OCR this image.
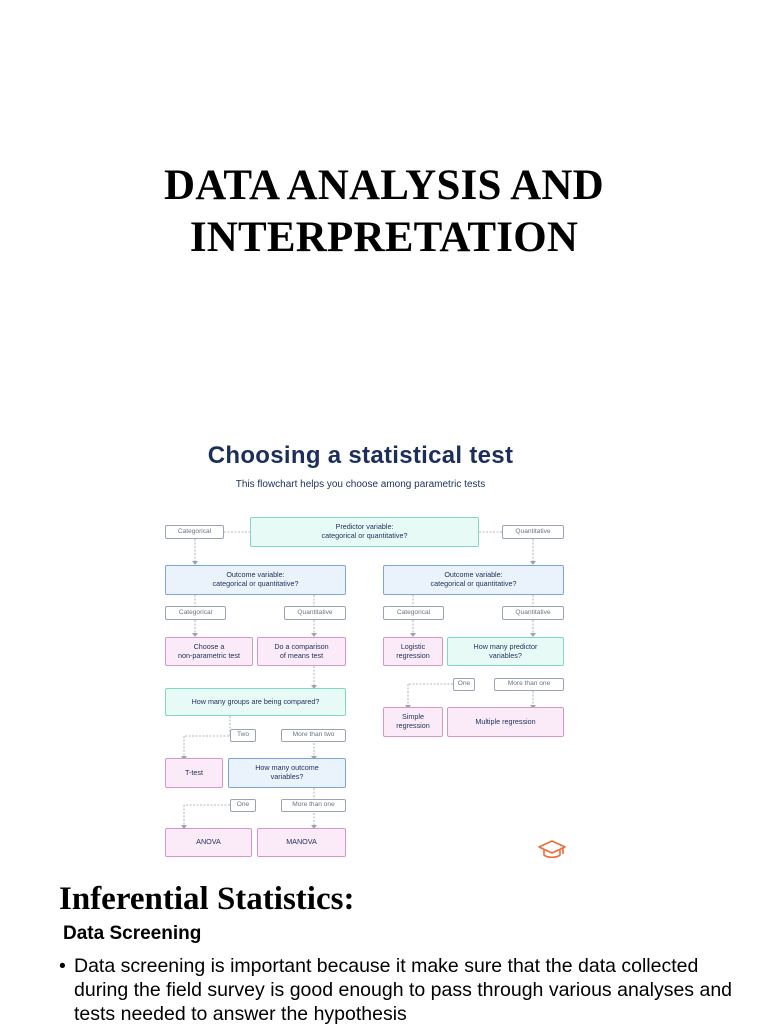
DATA ANALYSIS AND
INTERPRETATION
Choosing a statistical test
This flowchart helps you choose among parametric tests
Categorical	Predictor variable:
categorical or quantitative?	Quantitative
Outcome variable:
categorical or quantitative?
Outcome variable:
categorical or quantitative?
Categorical	Quantitative	Categorical	Quantitative
Choose a
non-parametric test
Do a comparison
of means test
Logistic
regression
How many predictor
variables?
One	More than one
How many groups are being compared?
Simple
regression	Multiple regression
Two	More than two
T-test	How many outcome
variables?
One	More than one
ANOVA	MANOVA
Inferential Statistics:
Data Screening
• Data screening is important because it make sure that the data collected during the field survey is good enough to pass through various analyses and tests needed to answer the hypothesis
